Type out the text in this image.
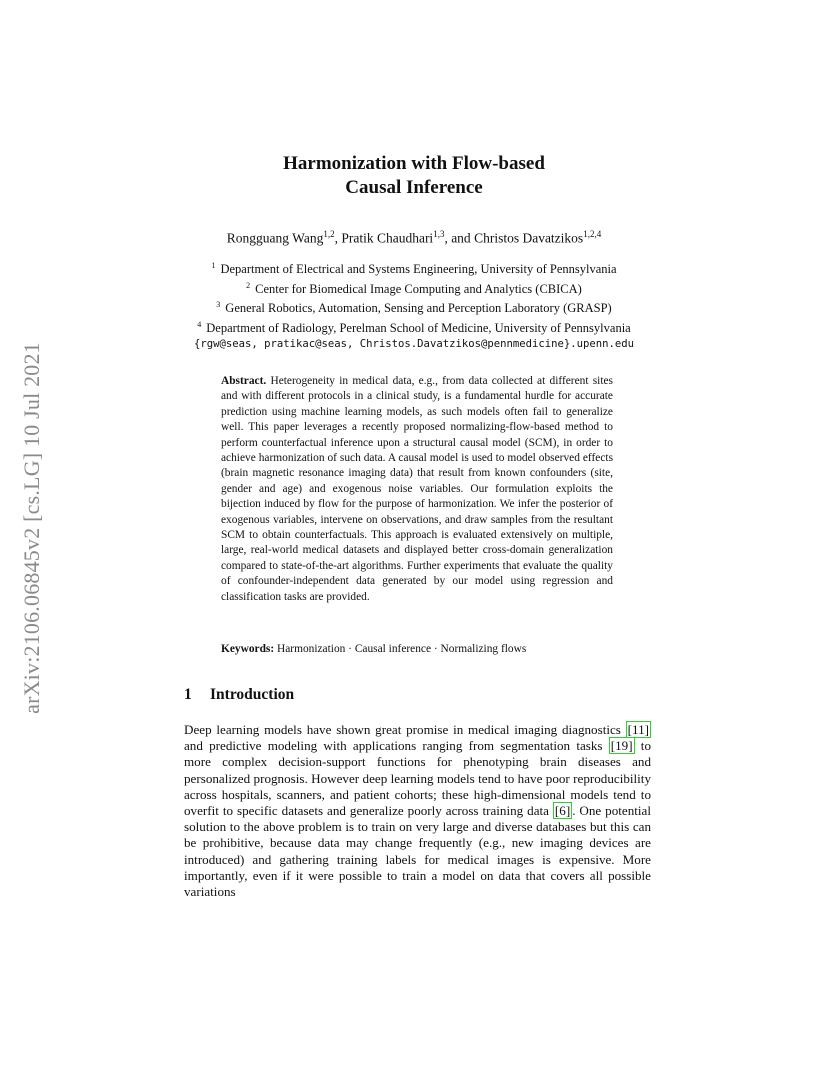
arXiv:2106.06845v2 [cs.LG] 10 Jul 2021
Harmonization with Flow-based
Causal Inference
Rongguang Wang$^{1,2}$, Pratik Chaudhari$^{1,3}$, and Christos Davatzikos$^{1,2,4}$
$^1$ Department of Electrical and Systems Engineering, University of Pennsylvania
$^2$ Center for Biomedical Image Computing and Analytics (CBICA)
$^3$ General Robotics, Automation, Sensing and Perception Laboratory (GRASP)
$^4$ Department of Radiology, Perelman School of Medicine, University of Pennsylvania
{rgw@seas, pratikac@seas, Christos.Davatzikos@pennmedicine}.upenn.edu
Abstract. Heterogeneity in medical data, e.g., from data collected at different sites and with different protocols in a clinical study, is a fundamental hurdle for accurate prediction using machine learning models, as such models often fail to generalize well. This paper leverages a recently proposed normalizing-flow-based method to perform counterfactual inference upon a structural causal model (SCM), in order to achieve harmonization of such data. A causal model is used to model observed effects (brain magnetic resonance imaging data) that result from known confounders (site, gender and age) and exogenous noise variables. Our formulation exploits the bijection induced by flow for the purpose of harmonization. We infer the posterior of exogenous variables, intervene on observations, and draw samples from the resultant SCM to obtain counterfactuals. This approach is evaluated extensively on multiple, large, real-world medical datasets and displayed better cross-domain generalization compared to state-of-the-art algorithms. Further experiments that evaluate the quality of confounder-independent data generated by our model using regression and classification tasks are provided.
Keywords: Harmonization · Causal inference · Normalizing flows
1 Introduction
Deep learning models have shown great promise in medical imaging diagnostics [11] and predictive modeling with applications ranging from segmentation tasks [19] to more complex decision-support functions for phenotyping brain diseases and personalized prognosis. However deep learning models tend to have poor reproducibility across hospitals, scanners, and patient cohorts; these high-dimensional models tend to overfit to specific datasets and generalize poorly across training data [6] . One potential solution to the above problem is to train on very large and diverse databases but this can be prohibitive, because data may change frequently (e.g., new imaging devices are introduced) and gathering training labels for medical images is expensive. More importantly, even if it were possible to train a model on data that covers all possible variations
